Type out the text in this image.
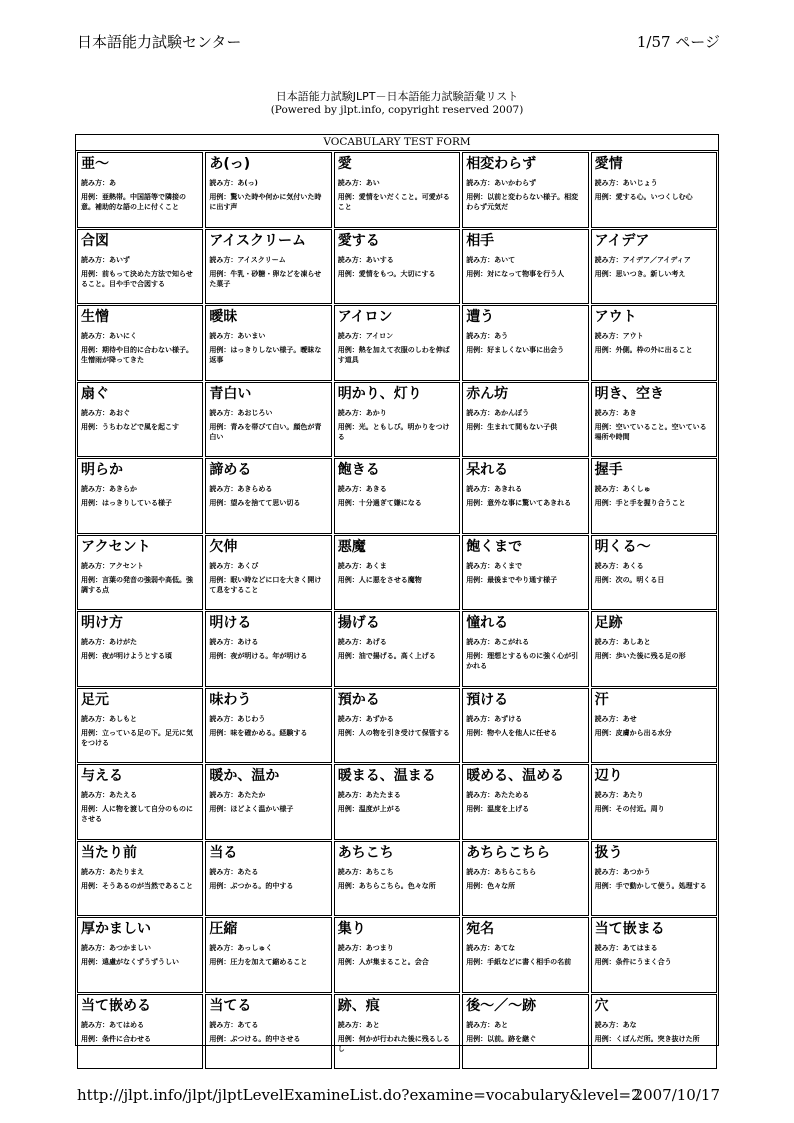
日本語能力試験センター	1/57 ページ
日本語能力試験JLPT－日本語能力試験語彙リスト
(Powered by jlpt.info, copyright reserved 2007)
VOCABULARY TEST FORM
亜～
読み方：あ
用例：亜熱帯。中国語等で隣接の意。補助的な語の上に付くこと
あ(っ)
読み方：あ(っ)
用例：驚いた時や何かに気付いた時に出す声
愛
読み方：あい
用例：愛情をいだくこと。可愛がること
相変わらず
読み方：あいかわらず
用例：以前と変わらない様子。相変わらず元気だ
愛情
読み方：あいじょう
用例：愛する心。いつくしむ心
合図
読み方：あいず
用例：前もって決めた方法で知らせること。目や手で合図する
アイスクリーム
読み方：アイスクリーム
用例：牛乳・砂糖・卵などを凍らせた菓子
愛する
読み方：あいする
用例：愛情をもつ。大切にする
相手
読み方：あいて
用例：対になって物事を行う人
アイデア
読み方：アイデア／アイディア
用例：思いつき。新しい考え
生憎
読み方：あいにく
用例：期待や目的に合わない様子。生憎雨が降ってきた
曖昧
読み方：あいまい
用例：はっきりしない様子。曖昧な返事
アイロン
読み方：アイロン
用例：熱を加えて衣服のしわを伸ばす道具
遭う
読み方：あう
用例：好ましくない事に出会う
アウト
読み方：アウト
用例：外側。枠の外に出ること
扇ぐ
読み方：あおぐ
用例：うちわなどで風を起こす
青白い
読み方：あおじろい
用例：青みを帯びて白い。顔色が青白い
明かり、灯り
読み方：あかり
用例：光。ともしび。明かりをつける
赤ん坊
読み方：あかんぼう
用例：生まれて間もない子供
明き、空き
読み方：あき
用例：空いていること。空いている場所や時間
明らか
読み方：あきらか
用例：はっきりしている様子
諦める
読み方：あきらめる
用例：望みを捨てて思い切る
飽きる
読み方：あきる
用例：十分過ぎて嫌になる
呆れる
読み方：あきれる
用例：意外な事に驚いてあきれる
握手
読み方：あくしゅ
用例：手と手を握り合うこと
アクセント
読み方：アクセント
用例：言葉の発音の強弱や高低。強調する点
欠伸
読み方：あくび
用例：眠い時などに口を大きく開けて息をすること
悪魔
読み方：あくま
用例：人に悪をさせる魔物
飽くまで
読み方：あくまで
用例：最後までやり通す様子
明くる～
読み方：あくる
用例：次の。明くる日
明け方
読み方：あけがた
用例：夜が明けようとする頃
明ける
読み方：あける
用例：夜が明ける。年が明ける
揚げる
読み方：あげる
用例：油で揚げる。高く上げる
憧れる
読み方：あこがれる
用例：理想とするものに強く心が引かれる
足跡
読み方：あしあと
用例：歩いた後に残る足の形
足元
読み方：あしもと
用例：立っている足の下。足元に気をつける
味わう
読み方：あじわう
用例：味を確かめる。経験する
預かる
読み方：あずかる
用例：人の物を引き受けて保管する
預ける
読み方：あずける
用例：物や人を他人に任せる
汗
読み方：あせ
用例：皮膚から出る水分
与える
読み方：あたえる
用例：人に物を渡して自分のものにさせる
暖か、温か
読み方：あたたか
用例：ほどよく温かい様子
暖まる、温まる
読み方：あたたまる
用例：温度が上がる
暖める、温める
読み方：あたためる
用例：温度を上げる
辺り
読み方：あたり
用例：その付近。周り
当たり前
読み方：あたりまえ
用例：そうあるのが当然であること
当る
読み方：あたる
用例：ぶつかる。的中する
あちこち
読み方：あちこち
用例：あちらこちら。色々な所
あちらこちら
読み方：あちらこちら
用例：色々な所
扱う
読み方：あつかう
用例：手で動かして使う。処理する
厚かましい
読み方：あつかましい
用例：遠慮がなくずうずうしい
圧縮
読み方：あっしゅく
用例：圧力を加えて縮めること
集り
読み方：あつまり
用例：人が集まること。会合
宛名
読み方：あてな
用例：手紙などに書く相手の名前
当て嵌まる
読み方：あてはまる
用例：条件にうまく合う
当て嵌める
読み方：あてはめる
用例：条件に合わせる
当てる
読み方：あてる
用例：ぶつける。的中させる
跡、痕
読み方：あと
用例：何かが行われた後に残るしるし
後～／～跡
読み方：あと
用例：以前。跡を継ぐ
穴
読み方：あな
用例：くぼんだ所。突き抜けた所
http://jlpt.info/jlpt/jlptLevelExamineList.do?examine=vocabulary&level=2
2007/10/17
